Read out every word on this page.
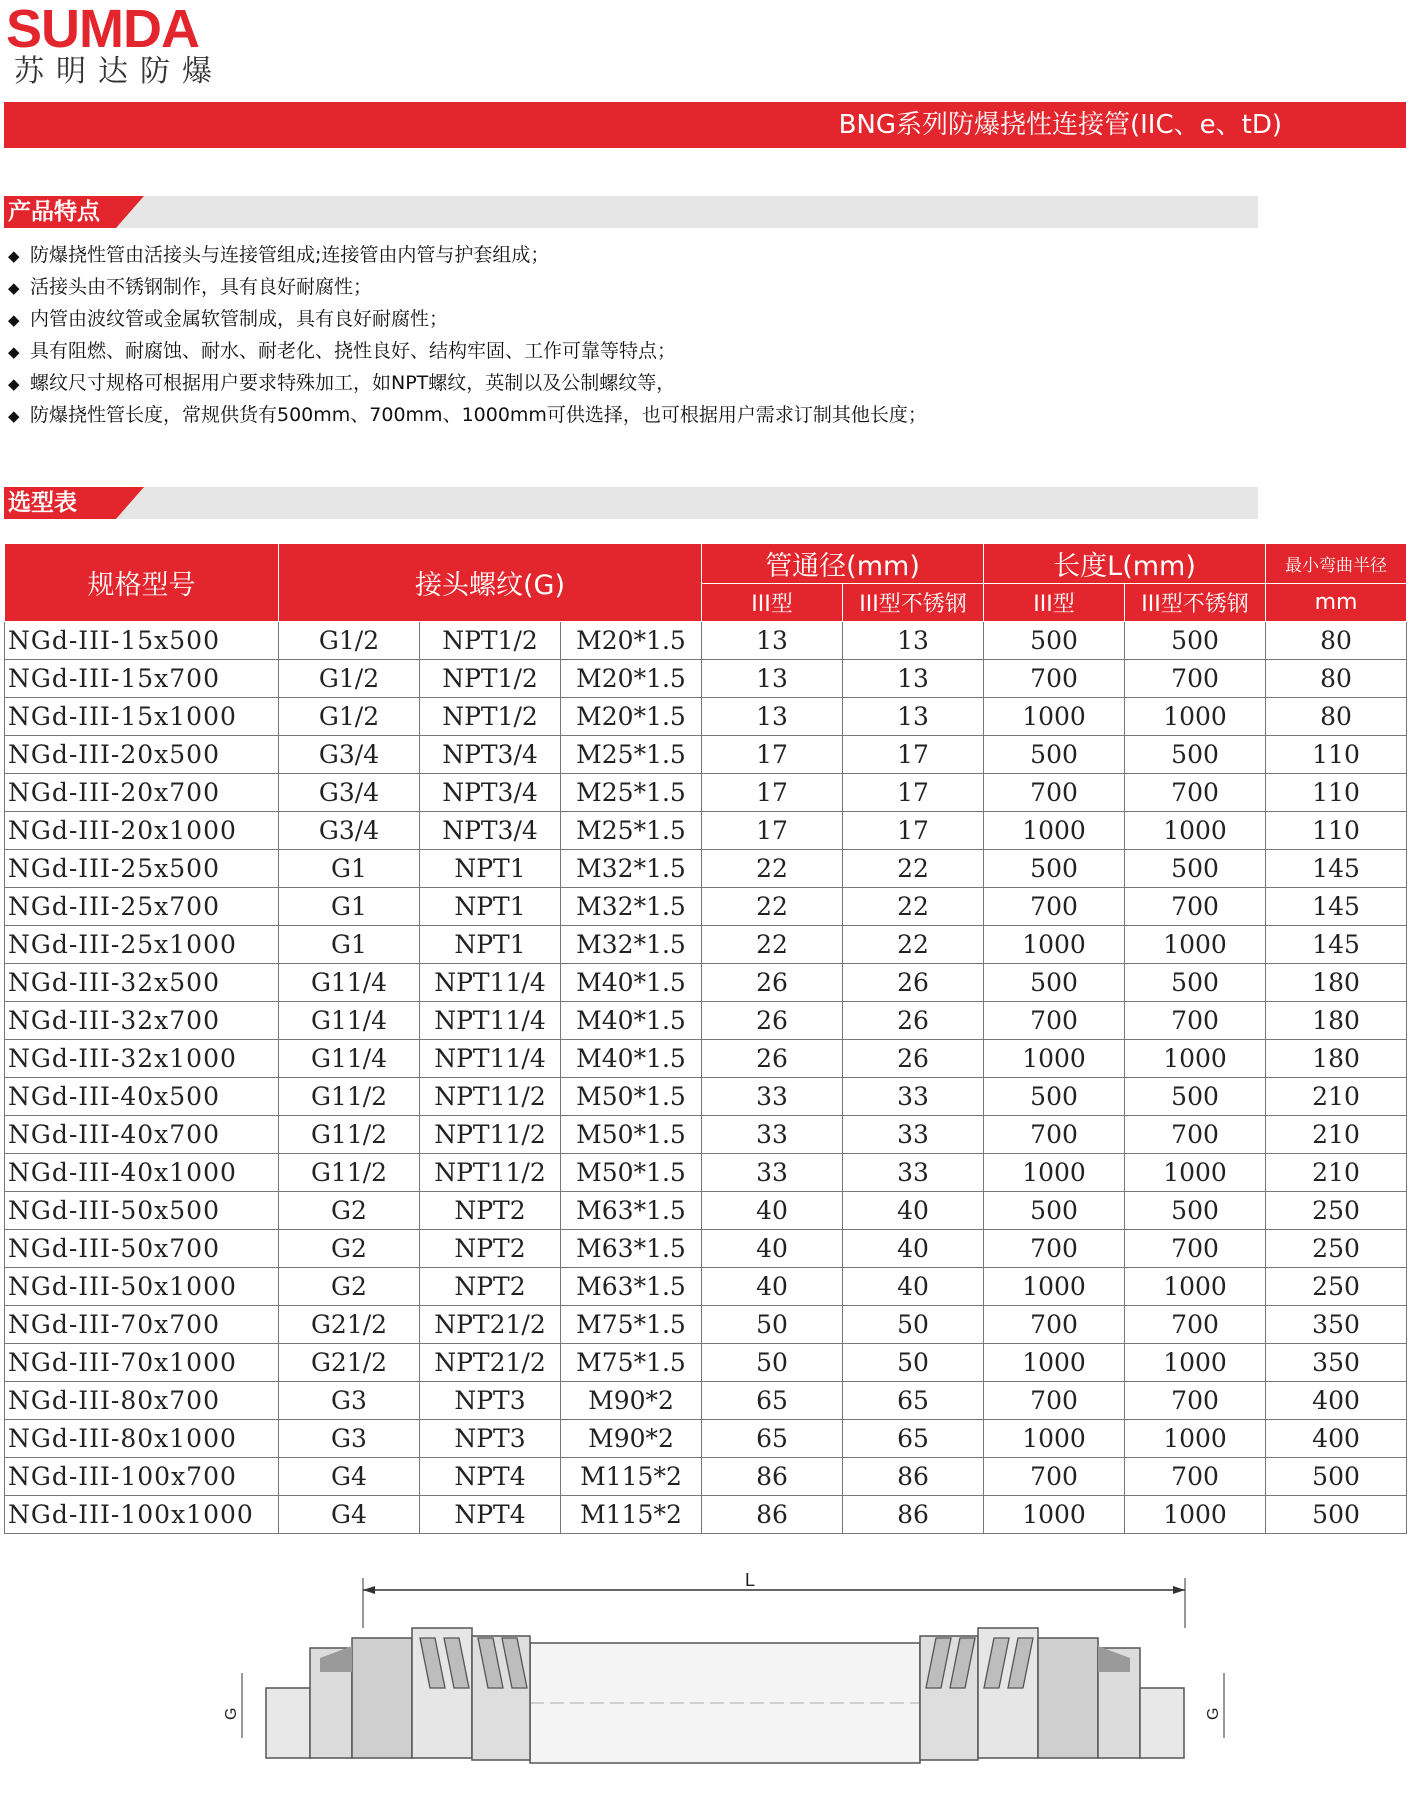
SUMDA
苏明达防爆
BNG系列防爆挠性连接管(IIC、e、tD)
产品特点
◆ 防爆挠性管由活接头与连接管组成;连接管由内管与护套组成；
◆ 活接头由不锈钢制作，具有良好耐腐性；
◆ 内管由波纹管或金属软管制成，具有良好耐腐性；
◆ 具有阻燃、耐腐蚀、耐水、耐老化、挠性良好、结构牢固、工作可靠等特点；
◆ 螺纹尺寸规格可根据用户要求特殊加工，如NPT螺纹，英制以及公制螺纹等，
◆ 防爆挠性管长度，常规供货有500mm、700mm、1000mm可供选择，也可根据用户需求订制其他长度；
选型表
规格型号	接头螺纹(G)			管通径(mm)		长度L(mm)		最小弯曲半径
				III型	III型不锈钢	III型	III型不锈钢	mm
NGd-III-15x500	G1/2	NPT1/2	M20*1.5	13	13	500	500	80
NGd-III-15x700	G1/2	NPT1/2	M20*1.5	13	13	700	700	80
NGd-III-15x1000	G1/2	NPT1/2	M20*1.5	13	13	1000	1000	80
NGd-III-20x500	G3/4	NPT3/4	M25*1.5	17	17	500	500	110
NGd-III-20x700	G3/4	NPT3/4	M25*1.5	17	17	700	700	110
NGd-III-20x1000	G3/4	NPT3/4	M25*1.5	17	17	1000	1000	110
NGd-III-25x500	G1	NPT1	M32*1.5	22	22	500	500	145
NGd-III-25x700	G1	NPT1	M32*1.5	22	22	700	700	145
NGd-III-25x1000	G1	NPT1	M32*1.5	22	22	1000	1000	145
NGd-III-32x500	G11/4	NPT11/4	M40*1.5	26	26	500	500	180
NGd-III-32x700	G11/4	NPT11/4	M40*1.5	26	26	700	700	180
NGd-III-32x1000	G11/4	NPT11/4	M40*1.5	26	26	1000	1000	180
NGd-III-40x500	G11/2	NPT11/2	M50*1.5	33	33	500	500	210
NGd-III-40x700	G11/2	NPT11/2	M50*1.5	33	33	700	700	210
NGd-III-40x1000	G11/2	NPT11/2	M50*1.5	33	33	1000	1000	210
NGd-III-50x500	G2	NPT2	M63*1.5	40	40	500	500	250
NGd-III-50x700	G2	NPT2	M63*1.5	40	40	700	700	250
NGd-III-50x1000	G2	NPT2	M63*1.5	40	40	1000	1000	250
NGd-III-70x700	G21/2	NPT21/2	M75*1.5	50	50	700	700	350
NGd-III-70x1000	G21/2	NPT21/2	M75*1.5	50	50	1000	1000	350
NGd-III-80x700	G3	NPT3	M90*2	65	65	700	700	400
NGd-III-80x1000	G3	NPT3	M90*2	65	65	1000	1000	400
NGd-III-100x700	G4	NPT4	M115*2	86	86	700	700	500
NGd-III-100x1000	G4	NPT4	M115*2	86	86	1000	1000	500
L
G	G
